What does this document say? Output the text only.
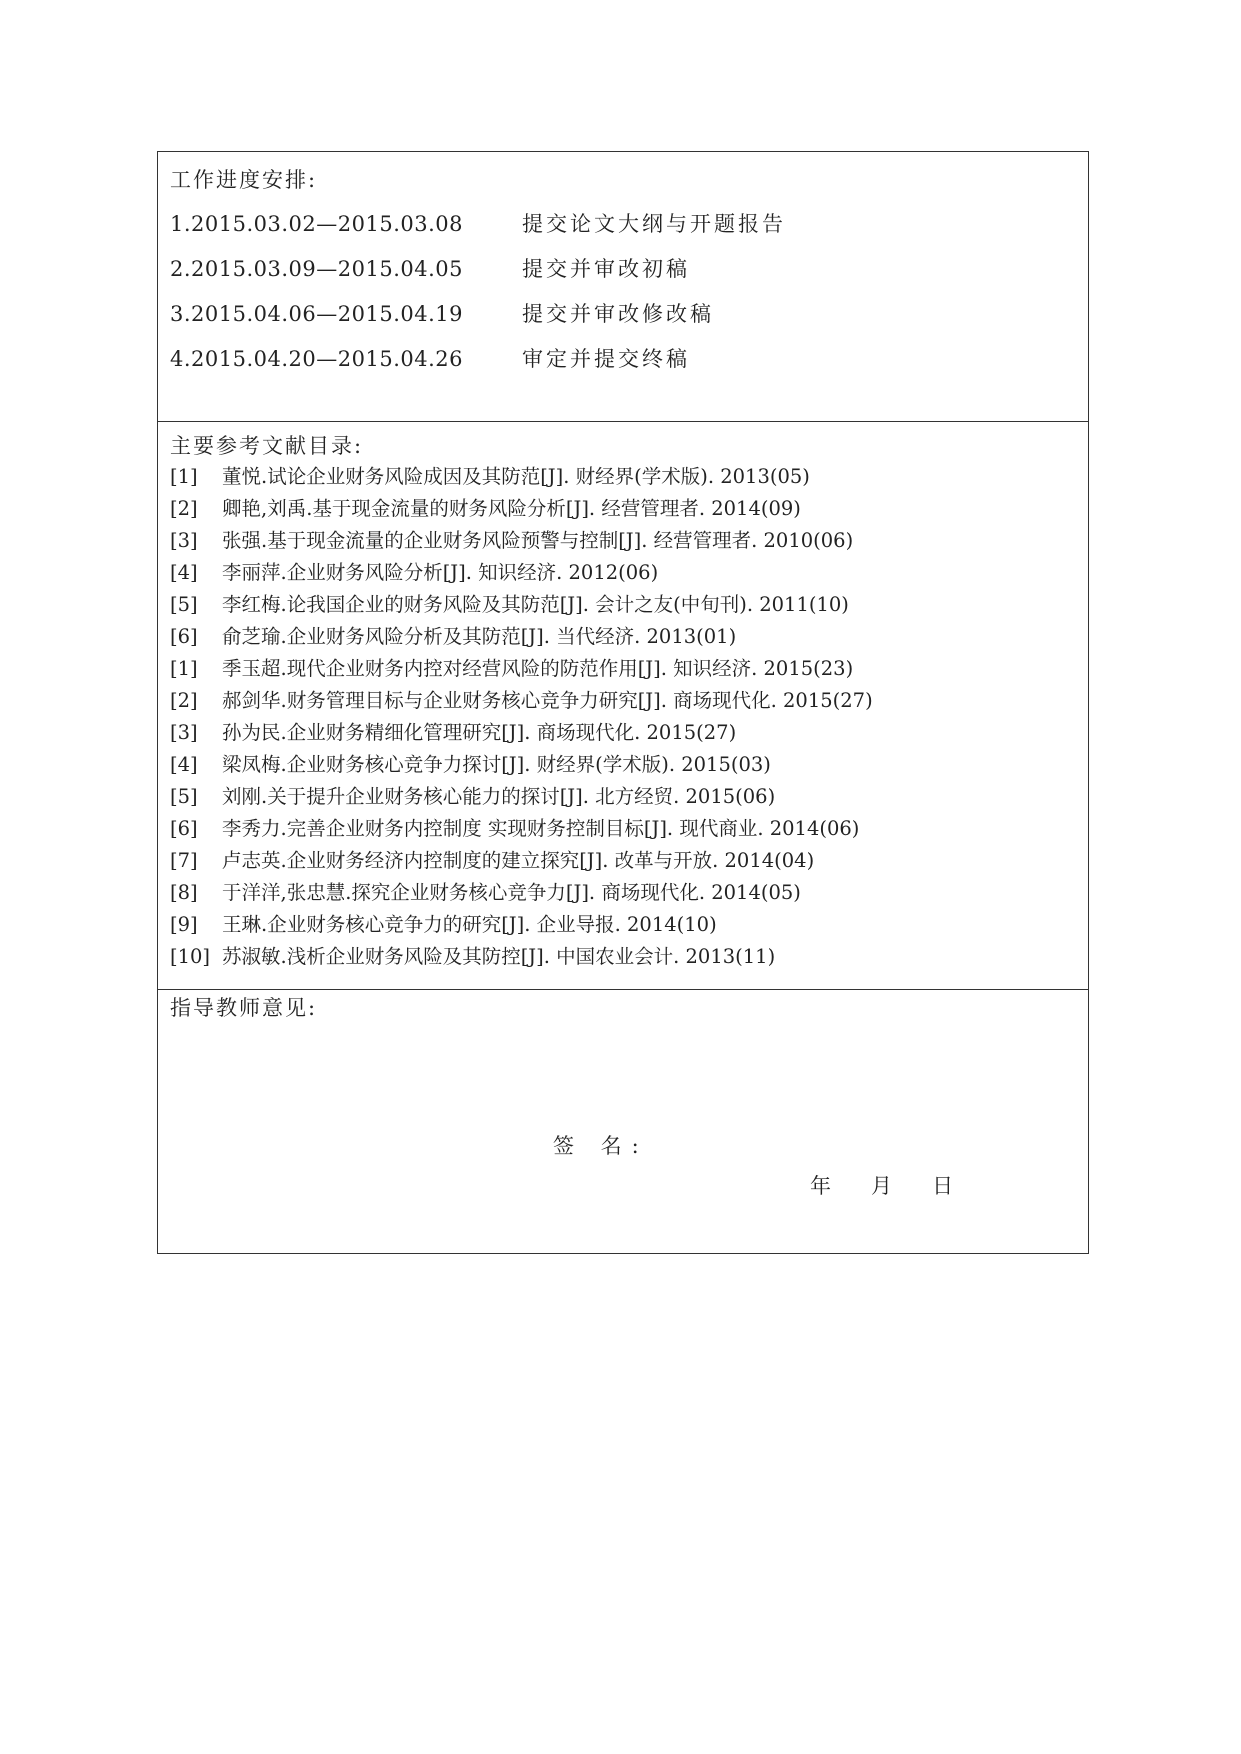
工作进度安排:
1.2015.03.02—2015.03.08	提交论文大纲与开题报告
2.2015.03.09—2015.04.05	提交并审改初稿
3.2015.04.06—2015.04.19	提交并审改修改稿
4.2015.04.20—2015.04.26	审定并提交终稿
主要参考文献目录:
[1] 董悦.试论企业财务风险成因及其防范[J]. 财经界(学术版). 2013(05)
[2] 卿艳,刘禹.基于现金流量的财务风险分析[J]. 经营管理者. 2014(09)
[3] 张强.基于现金流量的企业财务风险预警与控制[J]. 经营管理者. 2010(06)
[4] 李丽萍.企业财务风险分析[J]. 知识经济. 2012(06)
[5] 李红梅.论我国企业的财务风险及其防范[J]. 会计之友(中旬刊). 2011(10)
[6] 俞芝瑜.企业财务风险分析及其防范[J]. 当代经济. 2013(01)
[1] 季玉超.现代企业财务内控对经营风险的防范作用[J]. 知识经济. 2015(23)
[2] 郝剑华.财务管理目标与企业财务核心竞争力研究[J]. 商场现代化. 2015(27)
[3] 孙为民.企业财务精细化管理研究[J]. 商场现代化. 2015(27)
[4] 梁凤梅.企业财务核心竞争力探讨[J]. 财经界(学术版). 2015(03)
[5] 刘刚.关于提升企业财务核心能力的探讨[J]. 北方经贸. 2015(06)
[6] 李秀力.完善企业财务内控制度 实现财务控制目标[J]. 现代商业. 2014(06)
[7] 卢志英.企业财务经济内控制度的建立探究[J]. 改革与开放. 2014(04)
[8] 于洋洋,张忠慧.探究企业财务核心竞争力[J]. 商场现代化. 2014(05)
[9] 王琳.企业财务核心竞争力的研究[J]. 企业导报. 2014(10)
[10] 苏淑敏.浅析企业财务风险及其防控[J]. 中国农业会计. 2013(11)
指导教师意见:
签 名:
年      月      日
